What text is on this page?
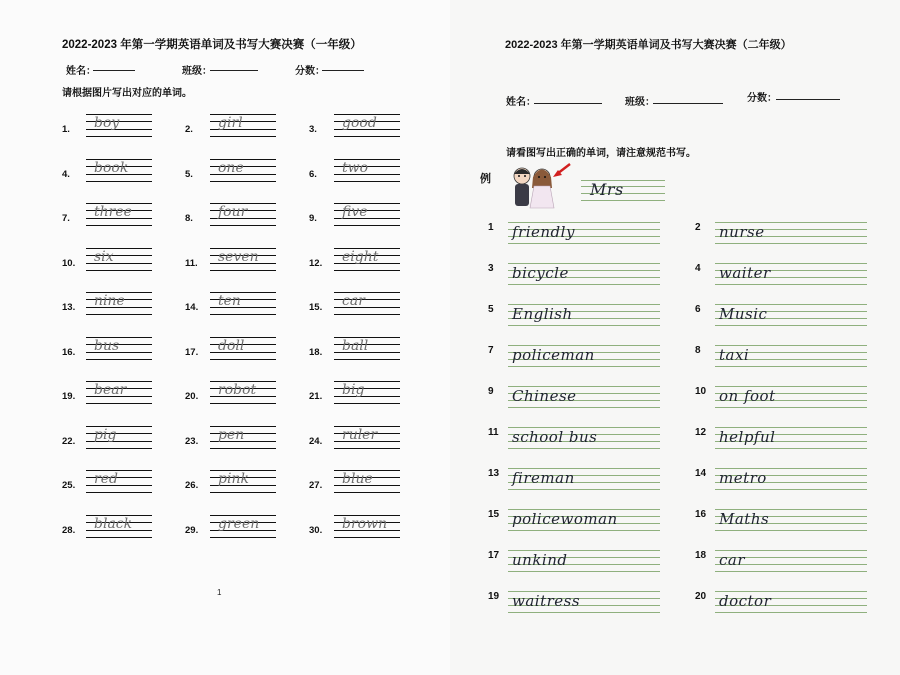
2022-2023 年第一学期英语单词及书写大赛决赛（一年级）
姓名：	班级：	分数：
请根据图片写出对应的单词。
1. boy	2. girl	3. good
4. book	5. one	6. two
7. three	8. four	9. five
10. six	11. seven	12. eight
13. nine	14. ten	15. car
16. bus	17. doll	18. ball
19. bear	20. robot	21. big
22. pig	23. pen	24. ruler
25. red	26. pink	27. blue
28. black	29. green	30. brown
1
2022-2023 年第一学期英语单词及书写大赛决赛（二年级）
姓名：	班级：	分数：
请看图写出正确的单词，请注意规范书写。
例
Mrs
1 friendly	2 nurse
3 bicycle	4 waiter
5 English	6 Music
7 policeman	8 taxi
9 Chinese	10 on foot
11 school bus	12 helpful
13 fireman	14 metro
15 policewoman	16 Maths
17 unkind	18 car
19 waitress	20 doctor
